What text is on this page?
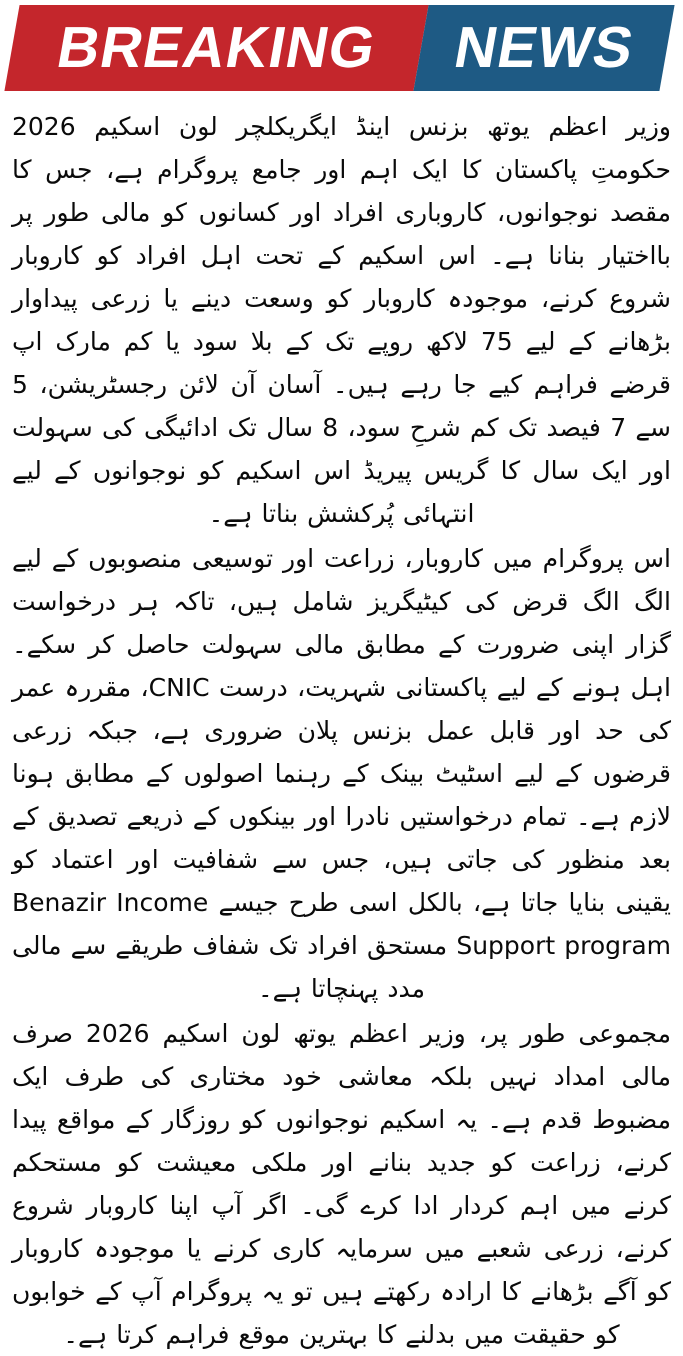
BREAKING NEWS

وزیر اعظم یوتھ بزنس اینڈ ایگریکلچر لون اسکیم 2026 حکومتِ پاکستان کا ایک اہم اور جامع پروگرام ہے، جس کا مقصد نوجوانوں، کاروباری افراد اور کسانوں کو مالی طور پر بااختیار بنانا ہے۔ اس اسکیم کے تحت اہل افراد کو کاروبار شروع کرنے، موجودہ کاروبار کو وسعت دینے یا زرعی پیداوار بڑھانے کے لیے 75 لاکھ روپے تک کے بلا سود یا کم مارک اپ قرضے فراہم کیے جا رہے ہیں۔ آسان آن لائن رجسٹریشن، 5 سے 7 فیصد تک کم شرحِ سود، 8 سال تک ادائیگی کی سہولت اور ایک سال کا گریس پیریڈ اس اسکیم کو نوجوانوں کے لیے انتہائی پُرکشش بناتا ہے۔

اس پروگرام میں کاروبار، زراعت اور توسیعی منصوبوں کے لیے الگ الگ قرض کی کیٹیگریز شامل ہیں، تاکہ ہر درخواست گزار اپنی ضرورت کے مطابق مالی سہولت حاصل کر سکے۔ اہل ہونے کے لیے پاکستانی شہریت، درست CNIC، مقررہ عمر کی حد اور قابل عمل بزنس پلان ضروری ہے، جبکہ زرعی قرضوں کے لیے اسٹیٹ بینک کے رہنما اصولوں کے مطابق ہونا لازم ہے۔ تمام درخواستیں نادرا اور بینکوں کے ذریعے تصدیق کے بعد منظور کی جاتی ہیں، جس سے شفافیت اور اعتماد کو یقینی بنایا جاتا ہے، بالکل اسی طرح جیسے Benazir Income Support program مستحق افراد تک شفاف طریقے سے مالی مدد پہنچاتا ہے۔

مجموعی طور پر، وزیر اعظم یوتھ لون اسکیم 2026 صرف مالی امداد نہیں بلکہ معاشی خود مختاری کی طرف ایک مضبوط قدم ہے۔ یہ اسکیم نوجوانوں کو روزگار کے مواقع پیدا کرنے، زراعت کو جدید بنانے اور ملکی معیشت کو مستحکم کرنے میں اہم کردار ادا کرے گی۔ اگر آپ اپنا کاروبار شروع کرنے، زرعی شعبے میں سرمایہ کاری کرنے یا موجودہ کاروبار کو آگے بڑھانے کا ارادہ رکھتے ہیں تو یہ پروگرام آپ کے خوابوں کو حقیقت میں بدلنے کا بہترین موقع فراہم کرتا ہے۔
